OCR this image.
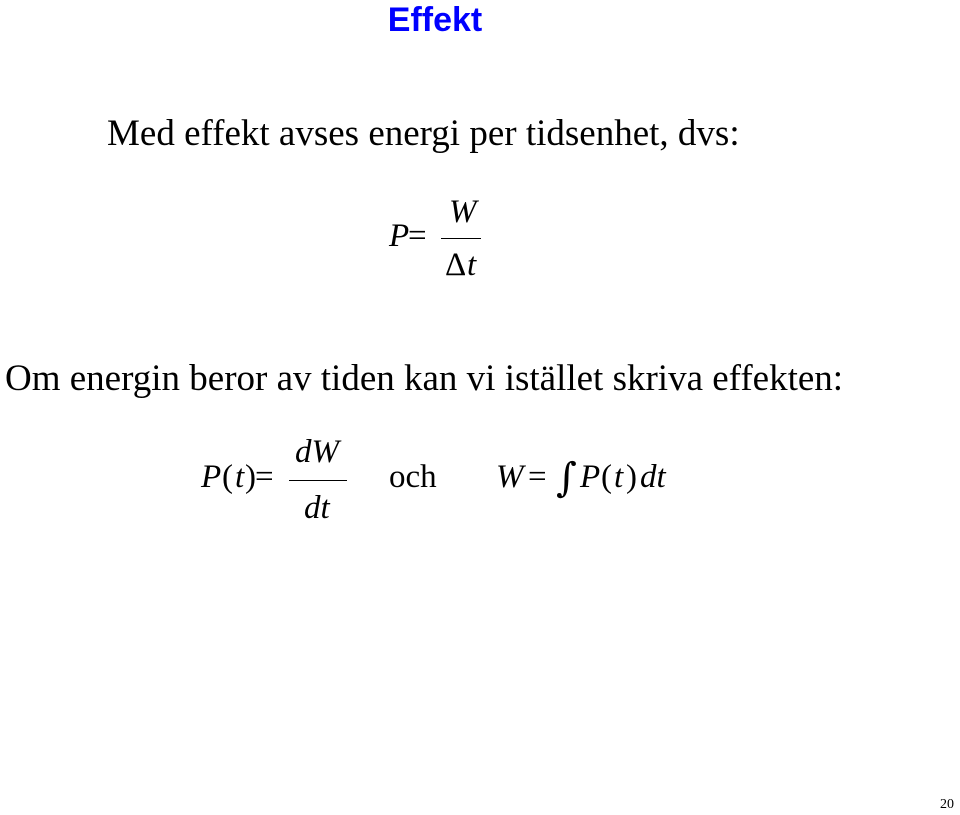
Effekt
Med effekt avses energi per tidsenhet, dvs:
P
=
W
Δ t
Om energin beror av tiden kan vi istället skriva effekten:
P ( t ) =
dW
dt
och W = ∫ P ( t ) dt
20
